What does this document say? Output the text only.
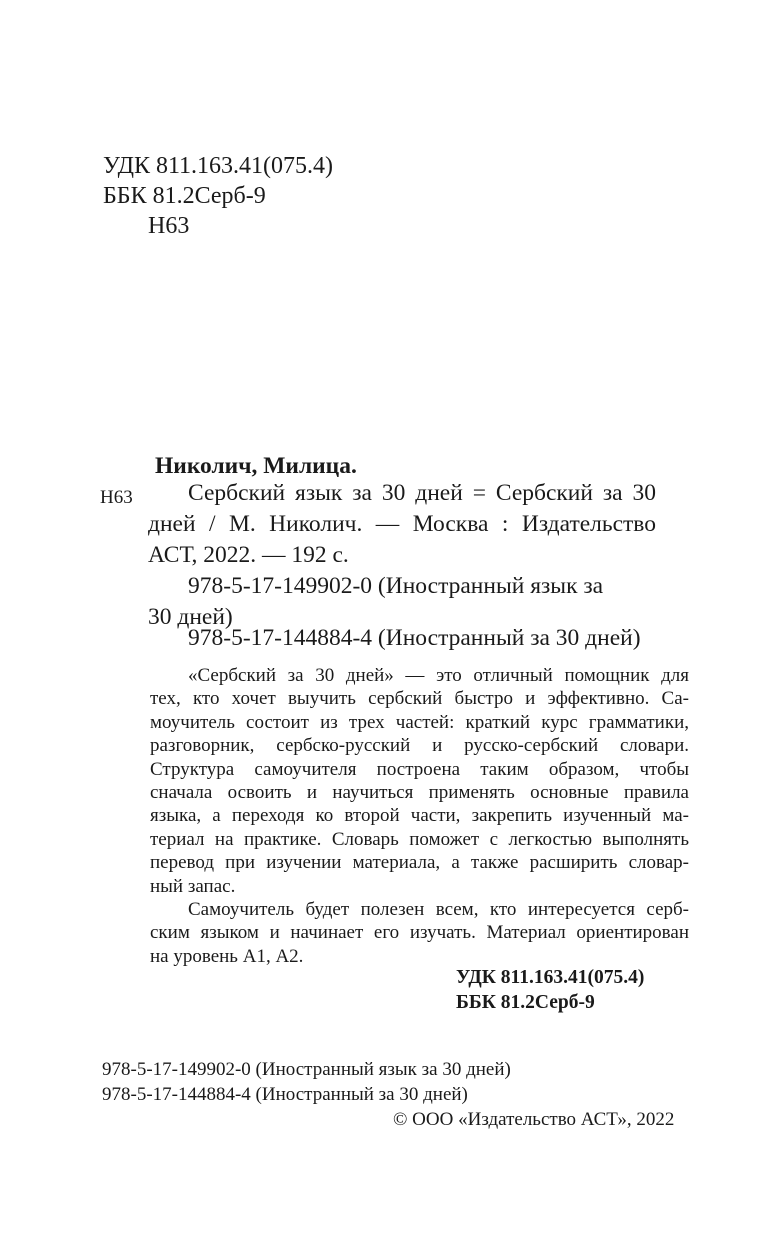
УДК 811.163.41(075.4)
ББК 81.2Серб-9
Н63
Николич, Милица.
Н63 Сербский язык за 30 дней = Сербский за 30
дней / М. Николич. — Москва : Издательство
АСТ, 2022. — 192 с.
978-5-17-149902-0 (Иностранный язык за
30 дней)
978-5-17-144884-4 (Иностранный за 30 дней)
«Сербский за 30 дней» — это отличный помощник для
тех, кто хочет выучить сербский быстро и эффективно. Са-
моучитель состоит из трех частей: краткий курс грамматики,
разговорник, сербско-русский и русско-сербский словари.
Структура самоучителя построена таким образом, чтобы
сначала освоить и научиться применять основные правила
языка, а переходя ко второй части, закрепить изученный ма-
териал на практике. Словарь поможет с легкостью выполнять
перевод при изучении материала, а также расширить словар-
ный запас.
Самоучитель будет полезен всем, кто интересуется серб-
ским языком и начинает его изучать. Материал ориентирован
на уровень А1, А2.
УДК 811.163.41(075.4)
ББК 81.2Серб-9
978-5-17-149902-0 (Иностранный язык за 30 дней)
978-5-17-144884-4 (Иностранный за 30 дней)
© ООО «Издательство АСТ», 2022
